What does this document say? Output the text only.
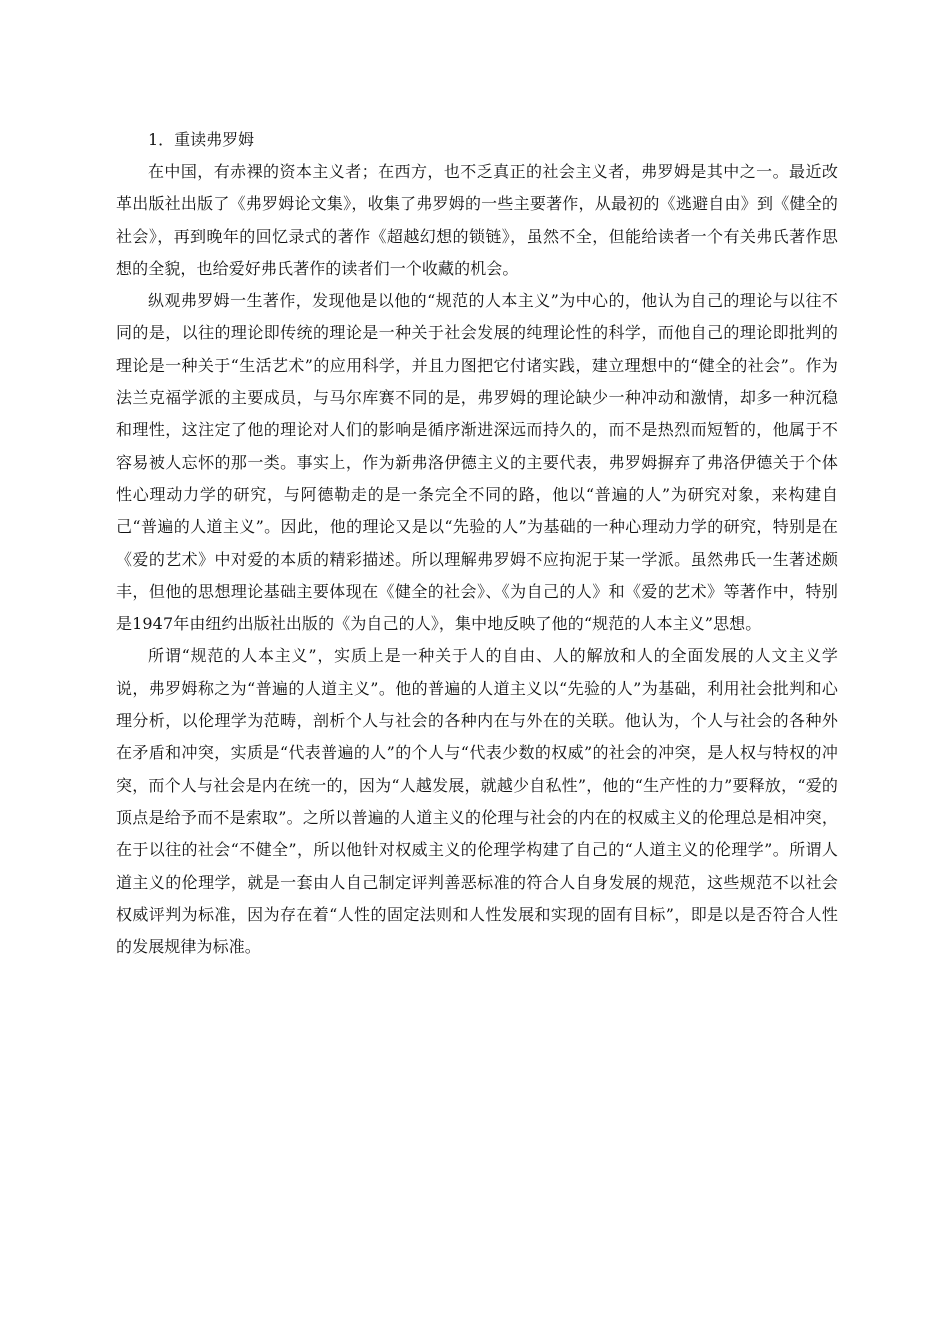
1．重读弗罗姆

在中国，有赤裸的资本主义者；在西方，也不乏真正的社会主义者，弗罗姆是其中之一。最近改革出版社出版了《弗罗姆论文集》，收集了弗罗姆的一些主要著作，从最初的《逃避自由》到《健全的社会》，再到晚年的回忆录式的著作《超越幻想的锁链》，虽然不全，但能给读者一个有关弗氏著作思想的全貌，也给爱好弗氏著作的读者们一个收藏的机会。

纵观弗罗姆一生著作，发现他是以他的“规范的人本主义”为中心的，他认为自己的理论与以往不同的是，以往的理论即传统的理论是一种关于社会发展的纯理论性的科学，而他自己的理论即批判的理论是一种关于“生活艺术”的应用科学，并且力图把它付诸实践，建立理想中的“健全的社会”。作为法兰克福学派的主要成员，与马尔库赛不同的是，弗罗姆的理论缺少一种冲动和激情，却多一种沉稳和理性，这注定了他的理论对人们的影响是循序渐进深远而持久的，而不是热烈而短暂的，他属于不容易被人忘怀的那一类。事实上，作为新弗洛伊德主义的主要代表，弗罗姆摒弃了弗洛伊德关于个体性心理动力学的研究，与阿德勒走的是一条完全不同的路，他以“普遍的人”为研究对象，来构建自己“普遍的人道主义”。因此，他的理论又是以“先验的人”为基础的一种心理动力学的研究，特别是在《爱的艺术》中对爱的本质的精彩描述。所以理解弗罗姆不应拘泥于某一学派。虽然弗氏一生著述颇丰，但他的思想理论基础主要体现在《健全的社会》、《为自己的人》和《爱的艺术》等著作中，特别是1947年由纽约出版社出版的《为自己的人》，集中地反映了他的“规范的人本主义”思想。

所谓“规范的人本主义”，实质上是一种关于人的自由、人的解放和人的全面发展的人文主义学说，弗罗姆称之为“普遍的人道主义”。他的普遍的人道主义以“先验的人”为基础，利用社会批判和心理分析，以伦理学为范畴，剖析个人与社会的各种内在与外在的关联。他认为，个人与社会的各种外在矛盾和冲突，实质是“代表普遍的人”的个人与“代表少数的权威”的社会的冲突，是人权与特权的冲突，而个人与社会是内在统一的，因为“人越发展，就越少自私性”，他的“生产性的力”要释放，“爱的顶点是给予而不是索取”。之所以普遍的人道主义的伦理与社会的内在的权威主义的伦理总是相冲突，在于以往的社会“不健全”，所以他针对权威主义的伦理学构建了自己的“人道主义的伦理学”。所谓人道主义的伦理学，就是一套由人自己制定评判善恶标准的符合人自身发展的规范，这些规范不以社会权威评判为标准，因为存在着“人性的固定法则和人性发展和实现的固有目标”，即是以是否符合人性的发展规律为标准。
